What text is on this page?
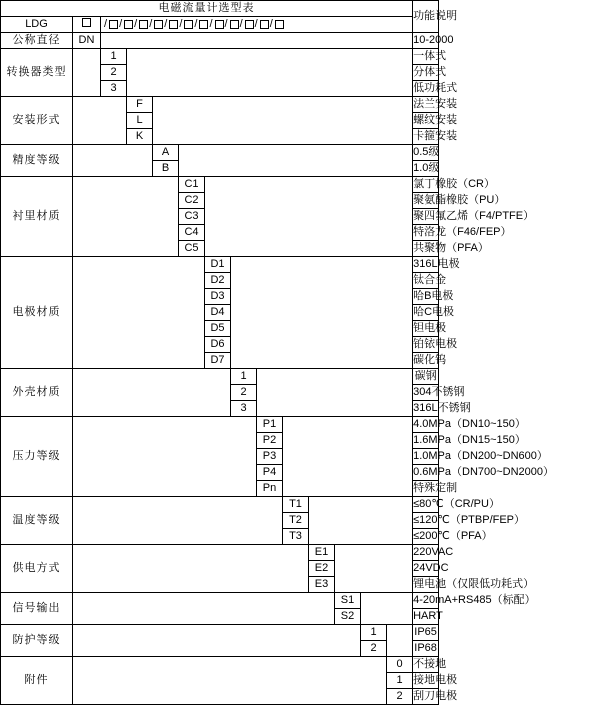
电磁流量计选型表														功能说明
LDG		/ / / / / / / / / / / /

公称直径	DN													10-2000
转换器类型		1												一体式
		2												分体式
		3												低功耗式
安装形式			F											法兰安装
			L											螺纹安装
			K											卡箍安装
精度等级				A										0.5级
				B										1.0级
衬里材质					C1									氯丁橡胶（CR）
					C2									聚氨酯橡胶（PU）
					C3									聚四氟乙烯（F4/PTFE）
					C4									特洛龙（F46/FEP）
					C5									共聚物（PFA）
电极材质						D1								316L电极
						D2								钛合金
						D3								哈B电极
						D4								哈C电极
						D5								钽电极
						D6								铂铱电极
						D7								碳化钨
外壳材质							1							碳钢
							2							304不锈钢
							3							316L不锈钢
压力等级								P1						4.0MPa（DN10~150）
								P2						1.6MPa（DN15~150）
								P3						1.0MPa（DN200~DN600）
								P4						0.6MPa（DN700~DN2000）
								Pn						特殊定制
温度等级									T1					≤80℃（CR/PU）
									T2					≤120℃（PTBP/FEP）
									T3					≤200℃（PFA）
供电方式										E1				220VAC
										E2				24VDC
										E3				锂电池（仅限低功耗式）
信号输出											S1			4-20mA+RS485（标配）
											S2			HART
防护等级												1		IP65
												2		IP68
附件													0	不接地
													1	接地电极
													2	刮刀电极
